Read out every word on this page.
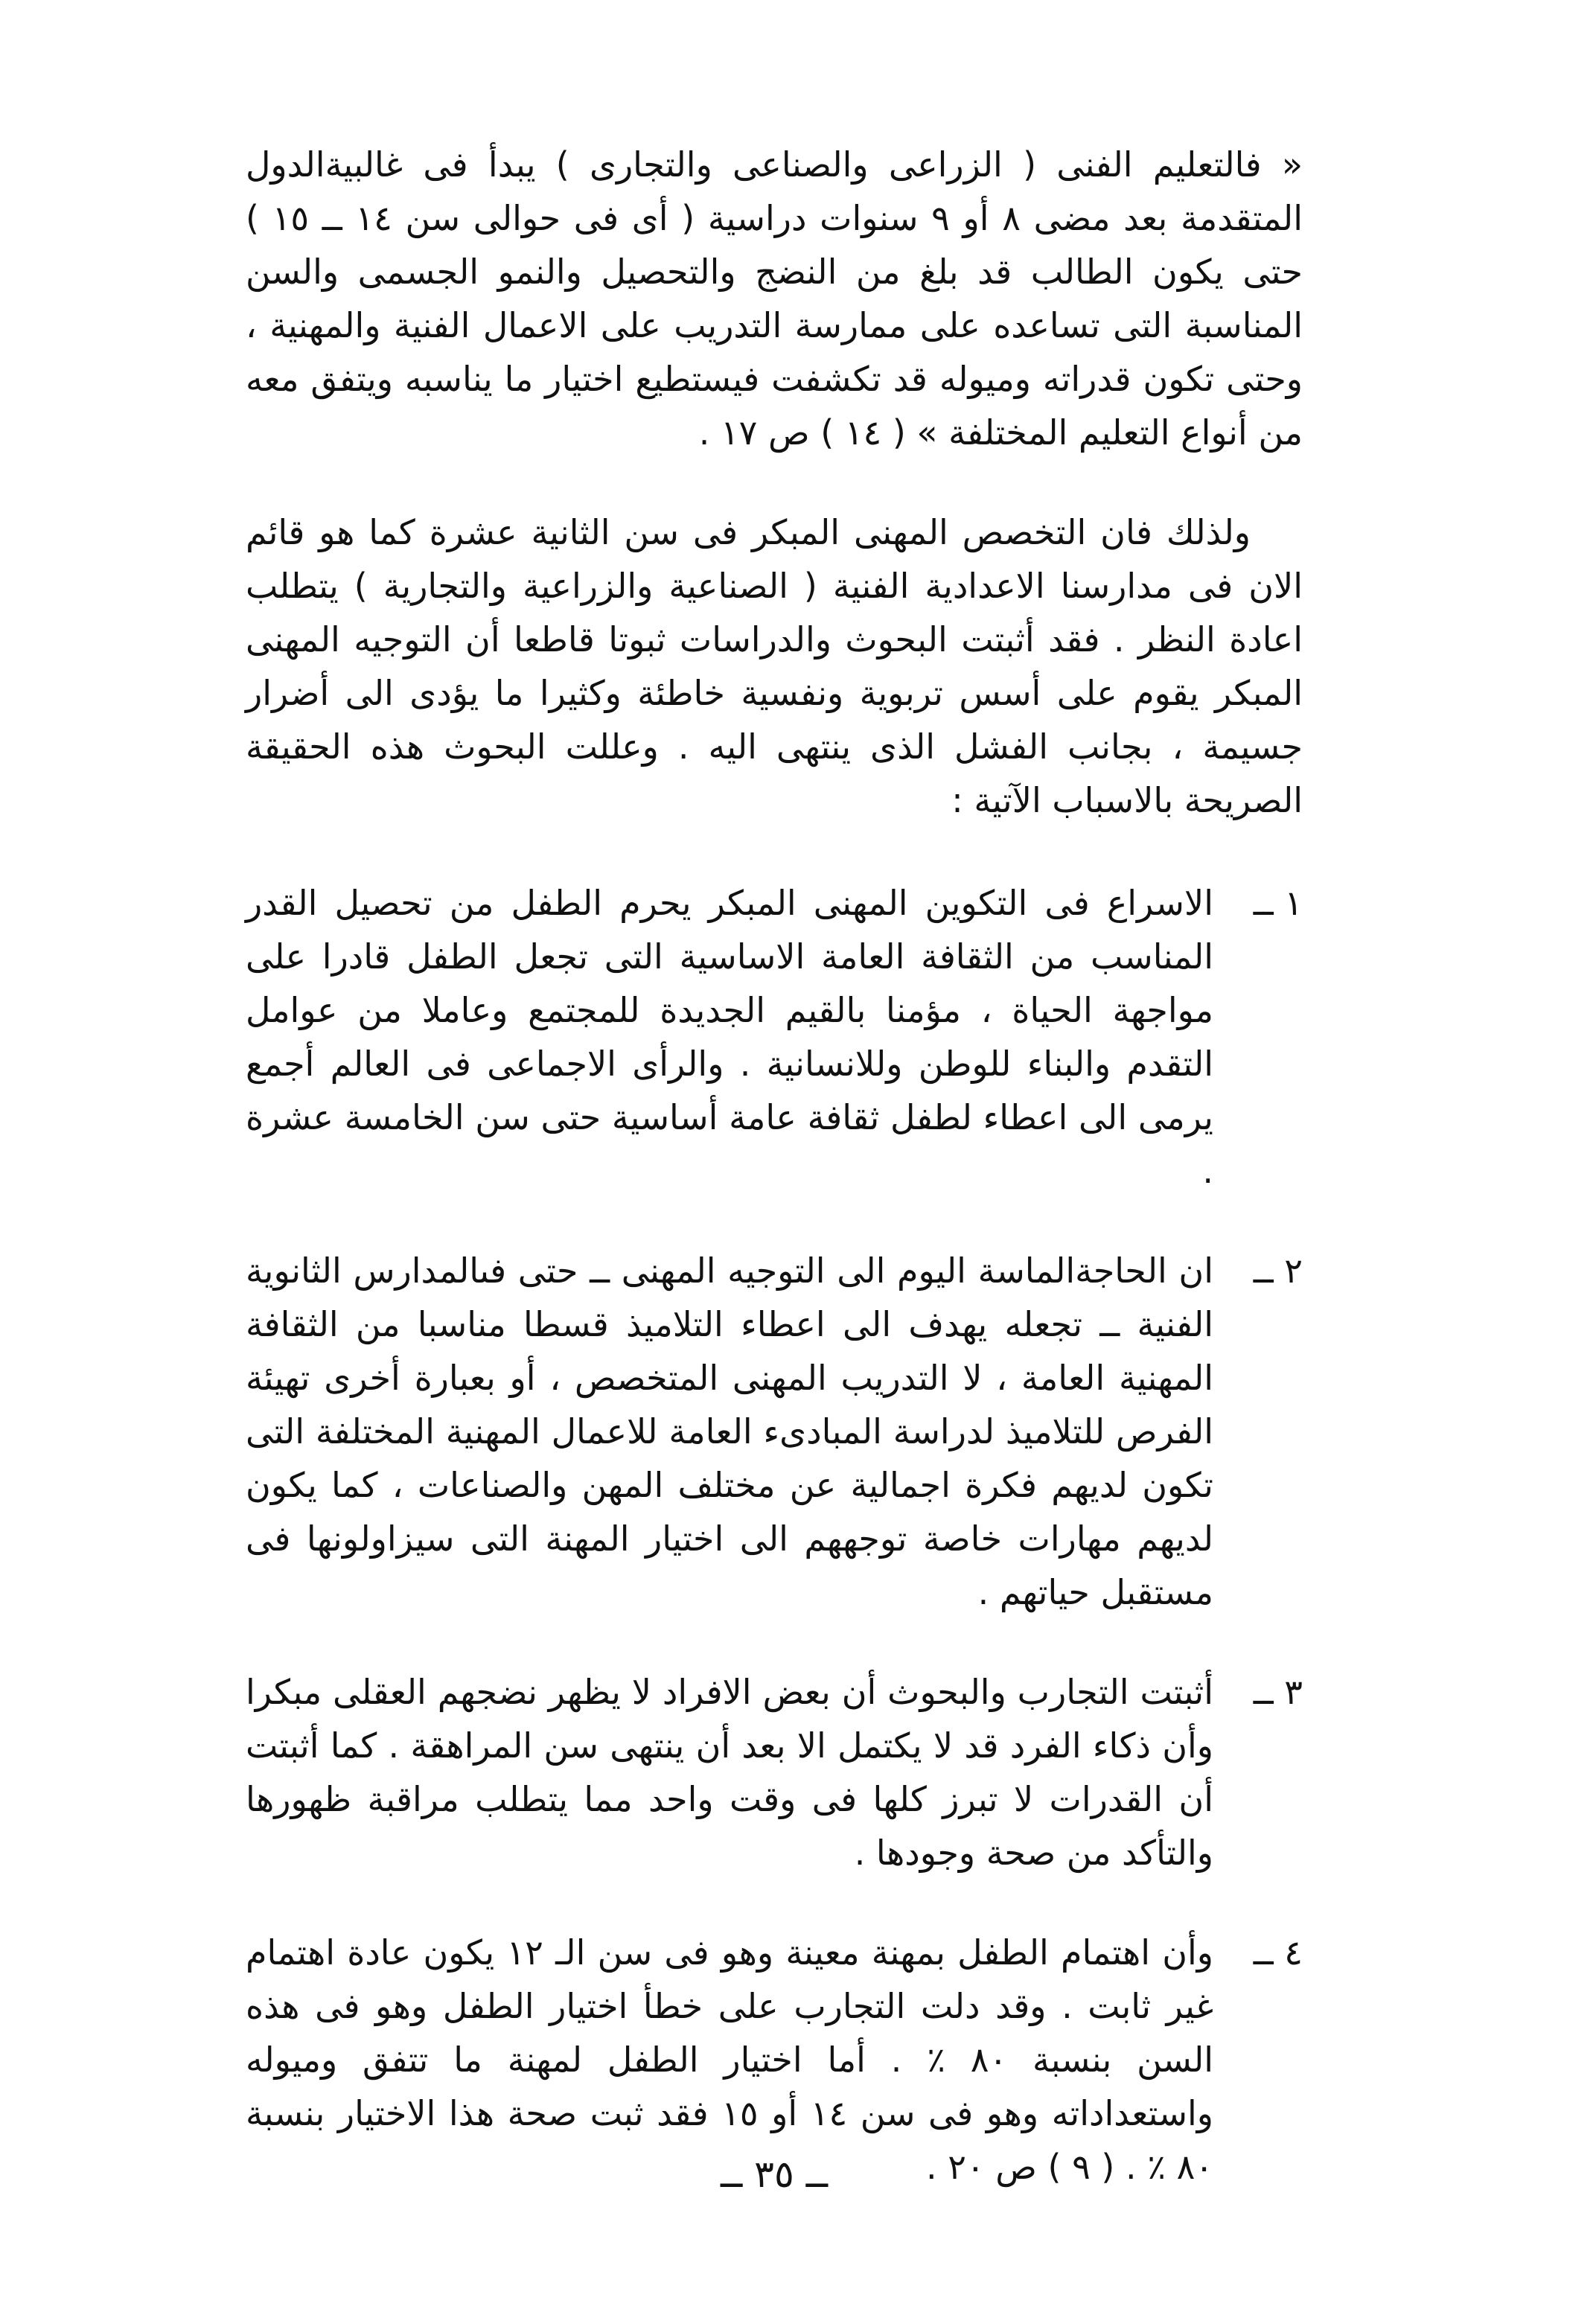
« فالتعليم الفنى ( الزراعى والصناعى والتجارى ) يبدأ فى غالبيةالدول المتقدمة بعد مضى ٨ أو ٩ سنوات دراسية ( أى فى حوالى سن ١٤ ــ ١٥ ) حتى يكون الطالب قد بلغ من النضج والتحصيل والنمو الجسمى والسن المناسبة التى تساعده على ممارسة التدريب على الاعمال الفنية والمهنية ، وحتى تكون قدراته وميوله قد تكشفت فيستطيع اختيار ما يناسبه ويتفق معه من أنواع التعليم المختلفة » ( ١٤ ) ص ١٧ .

ولذلك فان التخصص المهنى المبكر فى سن الثانية عشرة كما هو قائم الان فى مدارسنا الاعدادية الفنية ( الصناعية والزراعية والتجارية ) يتطلب اعادة النظر . فقد أثبتت البحوث والدراسات ثبوتا قاطعا أن التوجيه المهنى المبكر يقوم على أسس تربوية ونفسية خاطئة وكثيرا ما يؤدى الى أضرار جسيمة ، بجانب الفشل الذى ينتهى اليه . وعللت البحوث هذه الحقيقة الصريحة بالاسباب الآتية :

١ ــ

الاسراع فى التكوين المهنى المبكر يحرم الطفل من تحصيل القدر المناسب من الثقافة العامة الاساسية التى تجعل الطفل قادرا على مواجهة الحياة ، مؤمنا بالقيم الجديدة للمجتمع وعاملا من عوامل التقدم والبناء للوطن وللانسانية . والرأى الاجماعى فى العالم أجمع يرمى الى اعطاء لطفل ثقافة عامة أساسية حتى سن الخامسة عشرة .

٢ ــ

ان الحاجةالماسة اليوم الى التوجيه المهنى ــ حتى فىالمدارس الثانوية الفنية ــ تجعله يهدف الى اعطاء التلاميذ قسطا مناسبا من الثقافة المهنية العامة ، لا التدريب المهنى المتخصص ، أو بعبارة أخرى تهيئة الفرص للتلاميذ لدراسة المبادىء العامة للاعمال المهنية المختلفة التى تكون لديهم فكرة اجمالية عن مختلف المهن والصناعات ، كما يكون لديهم مهارات خاصة توجههم الى اختيار المهنة التى سيزاولونها فى مستقبل حياتهم .

٣ ــ

أثبتت التجارب والبحوث أن بعض الافراد لا يظهر نضجهم العقلى مبكرا وأن ذكاء الفرد قد لا يكتمل الا بعد أن ينتهى سن المراهقة . كما أثبتت أن القدرات لا تبرز كلها فى وقت واحد مما يتطلب مراقبة ظهورها والتأكد من صحة وجودها .

٤ ــ

وأن اهتمام الطفل بمهنة معينة وهو فى سن الـ ١٢ يكون عادة اهتمام غير ثابت . وقد دلت التجارب على خطأ اختيار الطفل وهو فى هذه السن بنسبة ٨٠ ٪ . أما اختيار الطفل لمهنة ما تتفق وميوله واستعداداته وهو فى سن ١٤ أو ١٥ فقد ثبت صحة هذا الاختيار بنسبة ٨٠ ٪ . ( ٩ ) ص ٢٠ .

ــ ٣٥ ــ
